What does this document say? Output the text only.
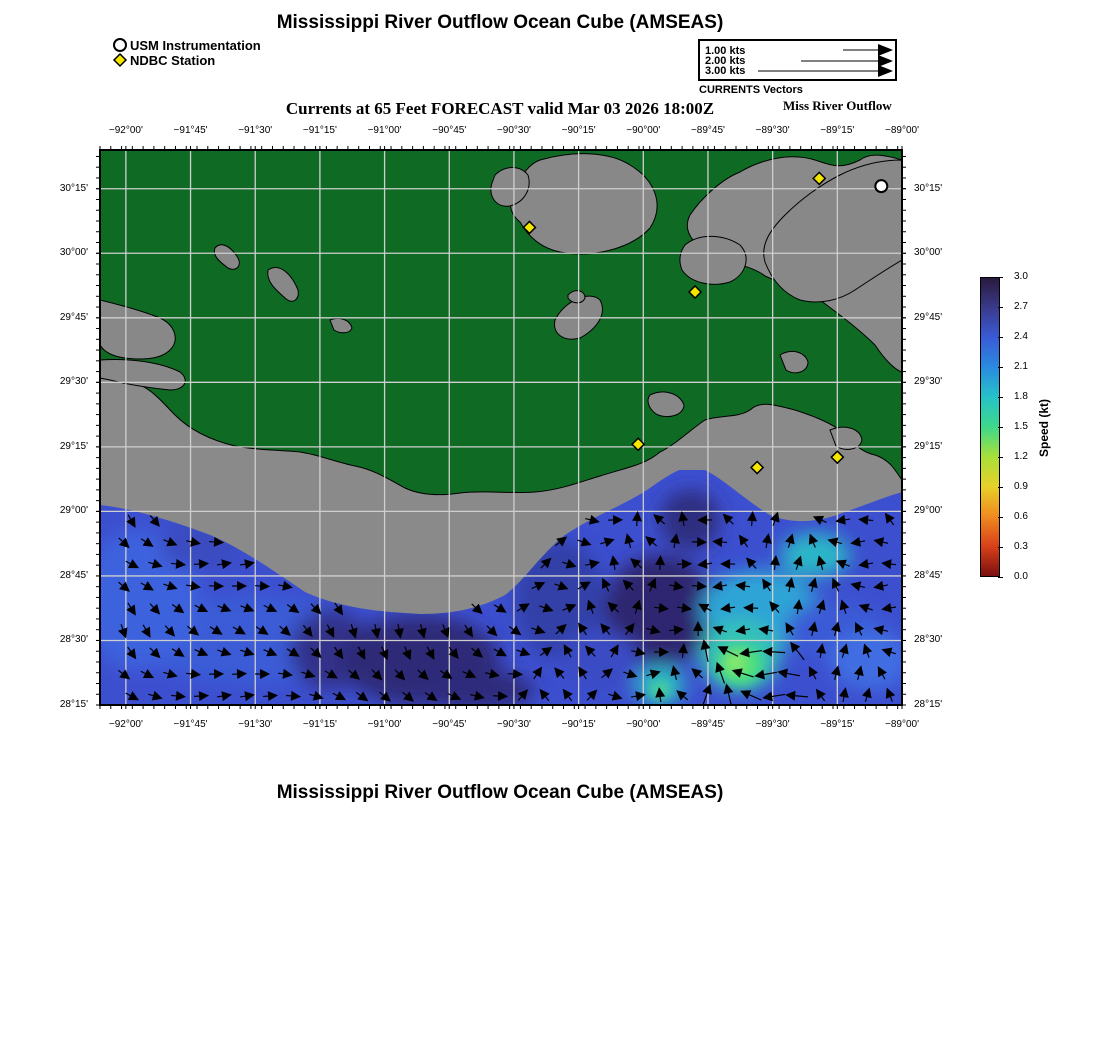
Mississippi River Outflow Ocean Cube (AMSEAS)
USM Instrumentation
NDBC Station
1.00 kts
2.00 kts
3.00 kts
CURRENTS Vectors
Currents at 65 Feet FORECAST valid Mar 03 2026 18:00Z	Miss River Outflow
−92°00'	−91°45'	−91°30'	−91°15'	−91°00'	−90°45'	−90°30'	−90°15'	−90°00'	−89°45'	−89°30'	−89°15'	−89°00'
−92°00'	−91°45'	−91°30'	−91°15'	−91°00'	−90°45'	−90°30'	−90°15'	−90°00'	−89°45'	−89°30'	−89°15'	−89°00'
30°15'
30°00'
29°45'
29°30'
29°15'
29°00'
28°45'
28°30'
28°15'
30°15'
30°00'
29°45'
29°30'
29°15'
29°00'
28°45'
28°30'
28°15'
3.0
2.7
2.4
2.1
1.8
1.5
1.2
0.9
0.6
0.3
0.0
Speed (kt)
Mississippi River Outflow Ocean Cube (AMSEAS)
